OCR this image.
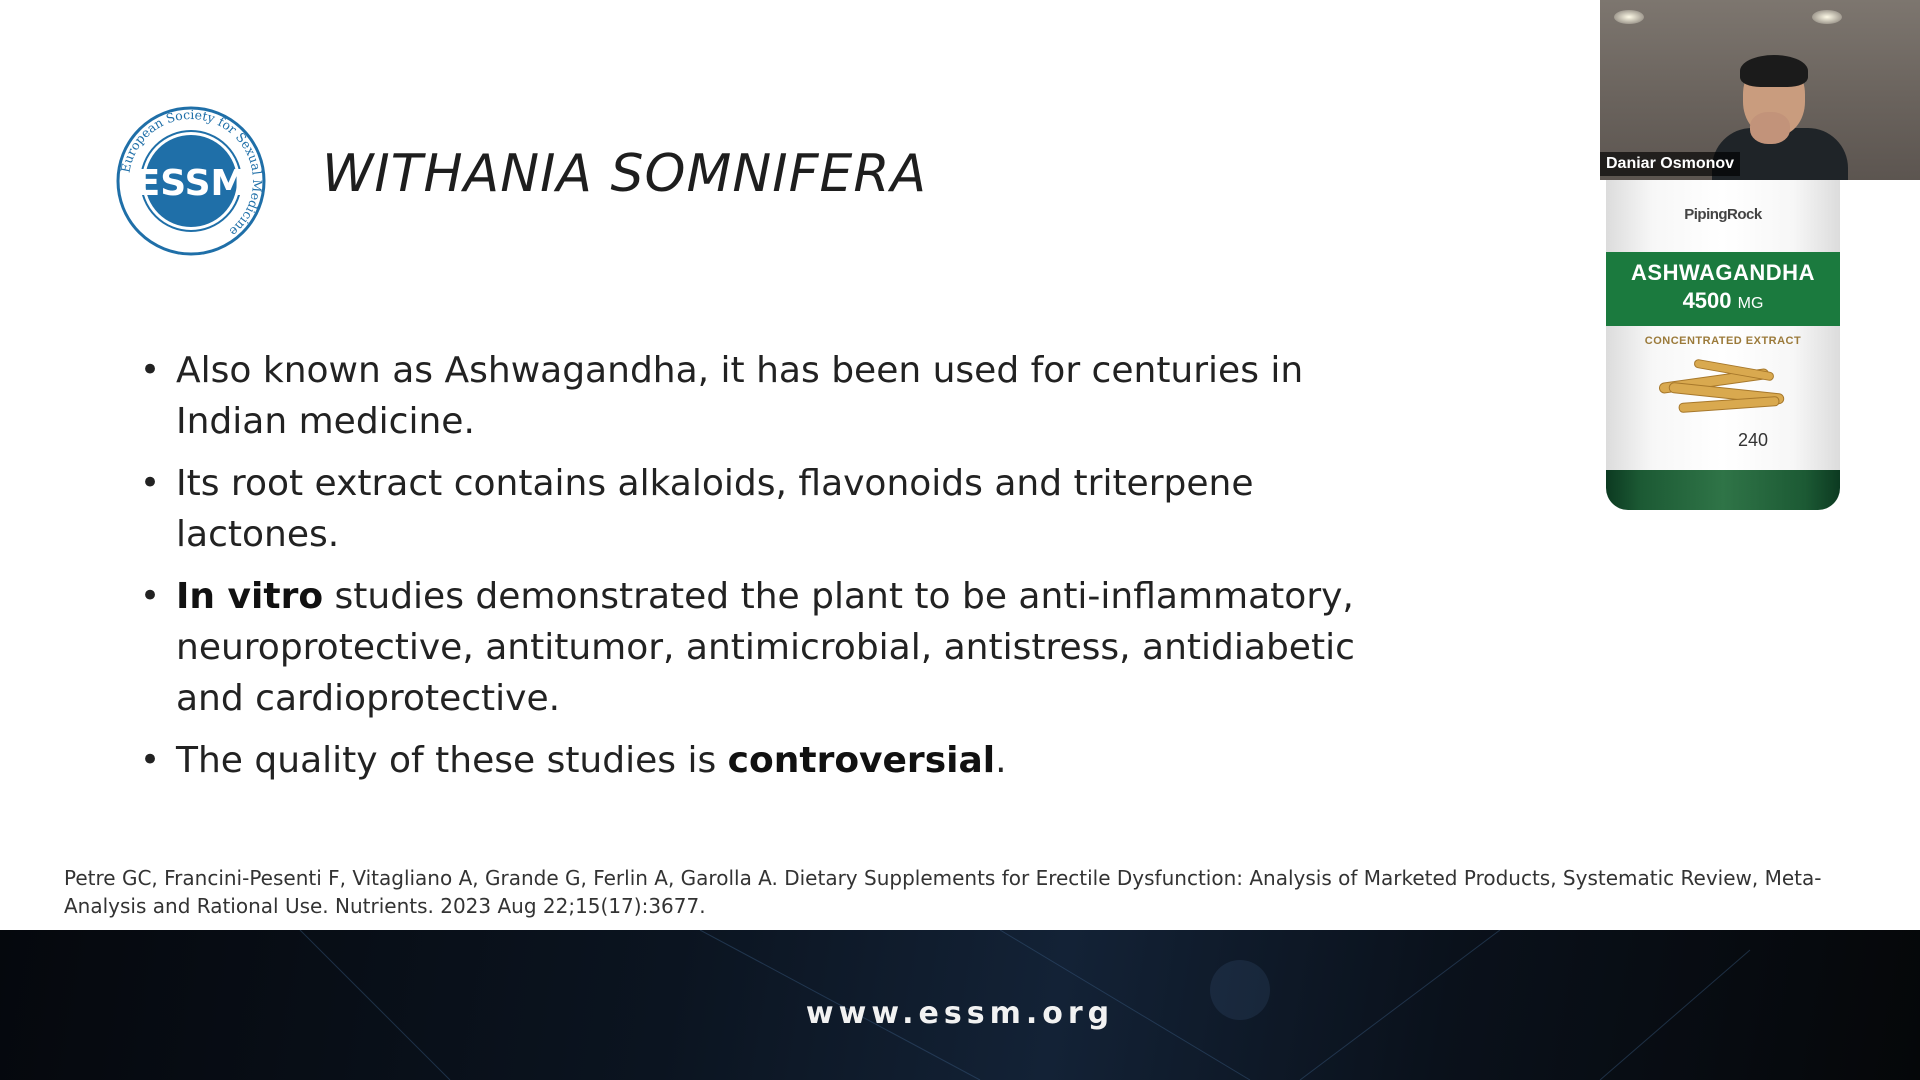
European Society for Sexual Medicine
ESSM WITHANIA SOMNIFERA
• Also known as Ashwagandha, it has been used for centuries in Indian medicine.
• Its root extract contains alkaloids, flavonoids and triterpene lactones.
• In vitro studies demonstrated the plant to be anti-inflammatory, neuroprotective, antitumor, antimicrobial, antistress, antidiabetic and cardioprotective.
• The quality of these studies is controversial.
Petre GC, Francini-Pesenti F, Vitagliano A, Grande G, Ferlin A, Garolla A. Dietary Supplements for Erectile Dysfunction: Analysis of Marketed Products, Systematic Review, Meta-Analysis and Rational Use. Nutrients. 2023 Aug 22;15(17):3677.
PipingRock
ASHWAGANDHA
4500 MG
CONCENTRATED EXTRACT
240
www.essm.org
Daniar Osmonov
